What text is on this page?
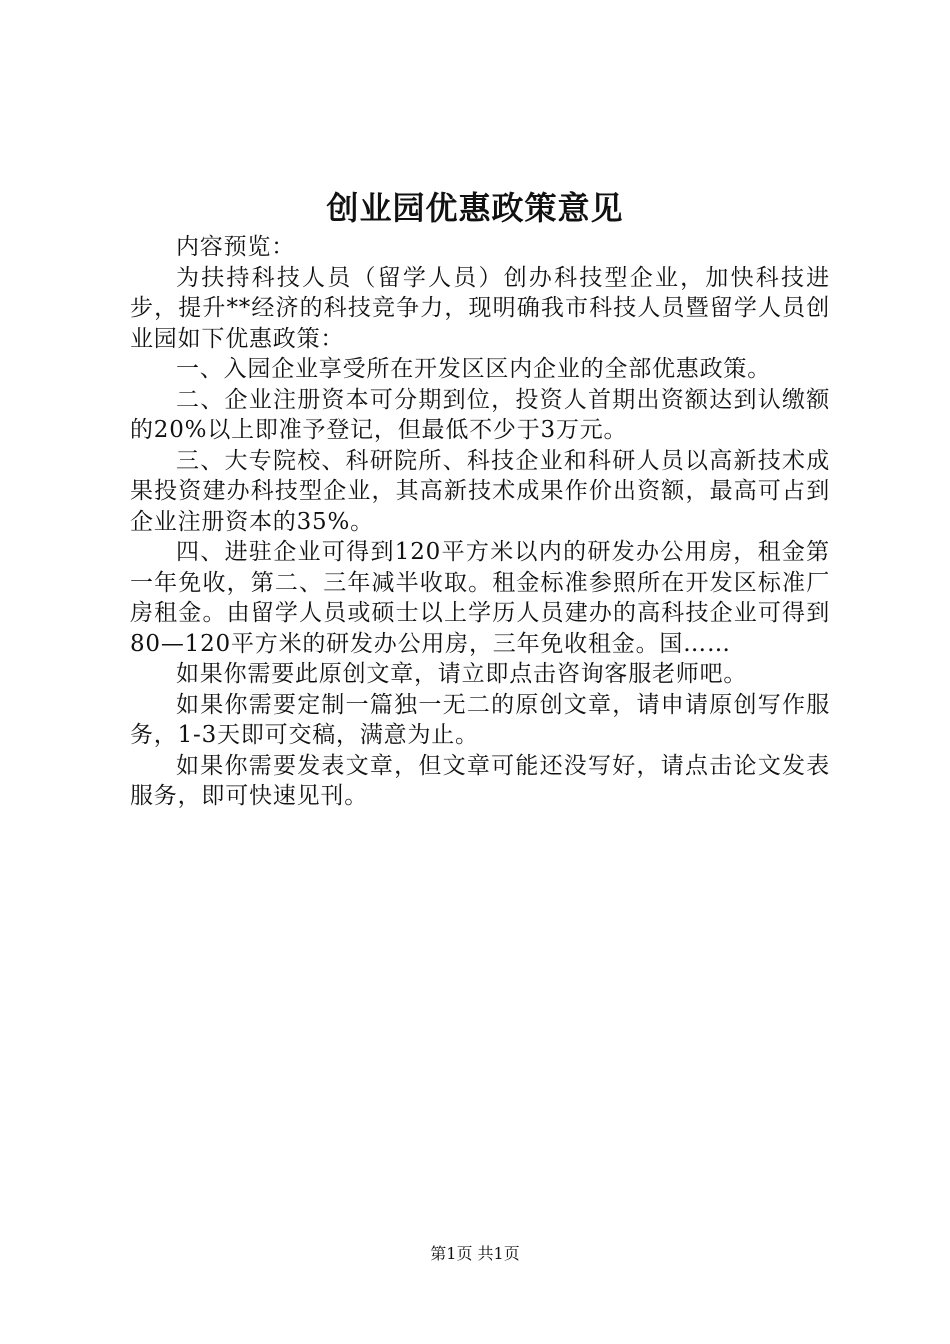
创业园优惠政策意见

内容预览：

为扶持科技人员（留学人员）创办科技型企业，加快科技进步，提升**经济的科技竞争力，现明确我市科技人员暨留学人员创业园如下优惠政策：

一、入园企业享受所在开发区区内企业的全部优惠政策。

二、企业注册资本可分期到位，投资人首期出资额达到认缴额的20%以上即准予登记，但最低不少于3万元。

三、大专院校、科研院所、科技企业和科研人员以高新技术成果投资建办科技型企业，其高新技术成果作价出资额，最高可占到企业注册资本的35%。

四、进驻企业可得到120平方米以内的研发办公用房，租金第一年免收，第二、三年减半收取。租金标准参照所在开发区标准厂房租金。由留学人员或硕士以上学历人员建办的高科技企业可得到80—120平方米的研发办公用房，三年免收租金。国……

如果你需要此原创文章，请立即点击咨询客服老师吧。

如果你需要定制一篇独一无二的原创文章，请申请原创写作服务，1-3天即可交稿，满意为止。

如果你需要发表文章，但文章可能还没写好，请点击论文发表服务，即可快速见刊。

第1页 共1页
